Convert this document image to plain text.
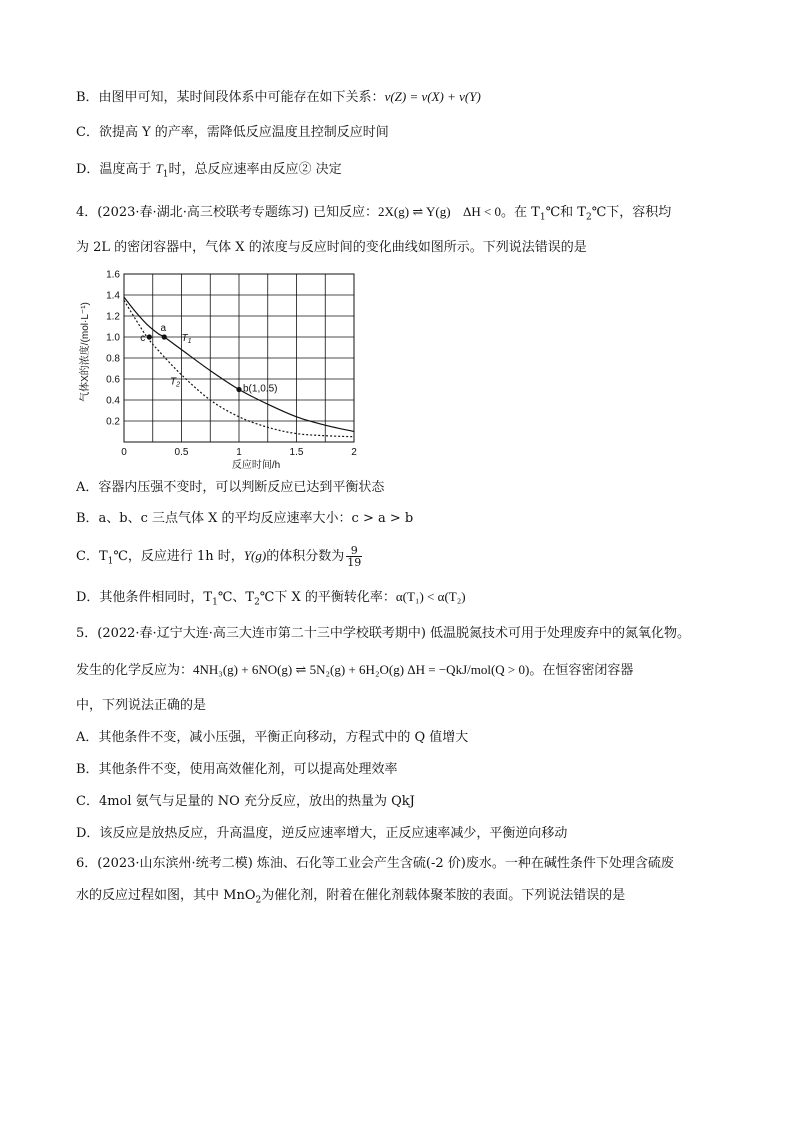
B．由图甲可知，某时间段体系中可能存在如下关系：v(Z) = v(X) + v(Y)
C．欲提高 Y 的产率，需降低反应温度且控制反应时间
D．温度高于 $T_1$时，总反应速率由反应② 决定
4．(2023·春·湖北·高三校联考专题练习) 已知反应：2X(g) ⇌ Y(g) ΔH < 0。在 $T_1℃$和 $T_2℃$下，容积均
为 2L 的密闭容器中，气体 X 的浓度与反应时间的变化曲线如图所示。下列说法错误的是
a
b(1,0.5)
c	$T_1$
$T_2$
0	0.5	1	1.5	2
0.2
0.4
0.6
0.8
1.0
1.2
1.4
1.6
反应时间/h
气体X的浓度/(mol·L⁻¹)
A．容器内压强不变时，可以判断反应已达到平衡状态
B．a、b、c 三点气体 X 的平均反应速率大小：c > a > b
C．$T_1℃$，反应进行 1h 时，Y(g)的体积分数为 $\frac{9}{19}$
D．其他条件相同时，$T_1℃$、$T_2℃$下 X 的平衡转化率：α(T₁) < α(T₂)
5．(2022·春·辽宁大连·高三大连市第二十三中学校联考期中) 低温脱氮技术可用于处理废弃中的氮氧化物。
发生的化学反应为：4NH₃(g) + 6NO(g) ⇌ 5N₂(g) + 6H₂O(g) ΔH = −QkJ/mol(Q > 0)。在恒容密闭容器
中，下列说法正确的是
A．其他条件不变，减小压强，平衡正向移动，方程式中的 Q 值增大
B．其他条件不变，使用高效催化剂，可以提高处理效率
C．4mol 氨气与足量的 NO 充分反应，放出的热量为 QkJ
D．该反应是放热反应，升高温度，逆反应速率增大，正反应速率减少，平衡逆向移动
6．(2023·山东滨州·统考二模) 炼油、石化等工业会产生含硫(-2 价)废水。一种在碱性条件下处理含硫废
水的反应过程如图，其中 MnO$_2$为催化剂，附着在催化剂载体聚苯胺的表面。下列说法错误的是
